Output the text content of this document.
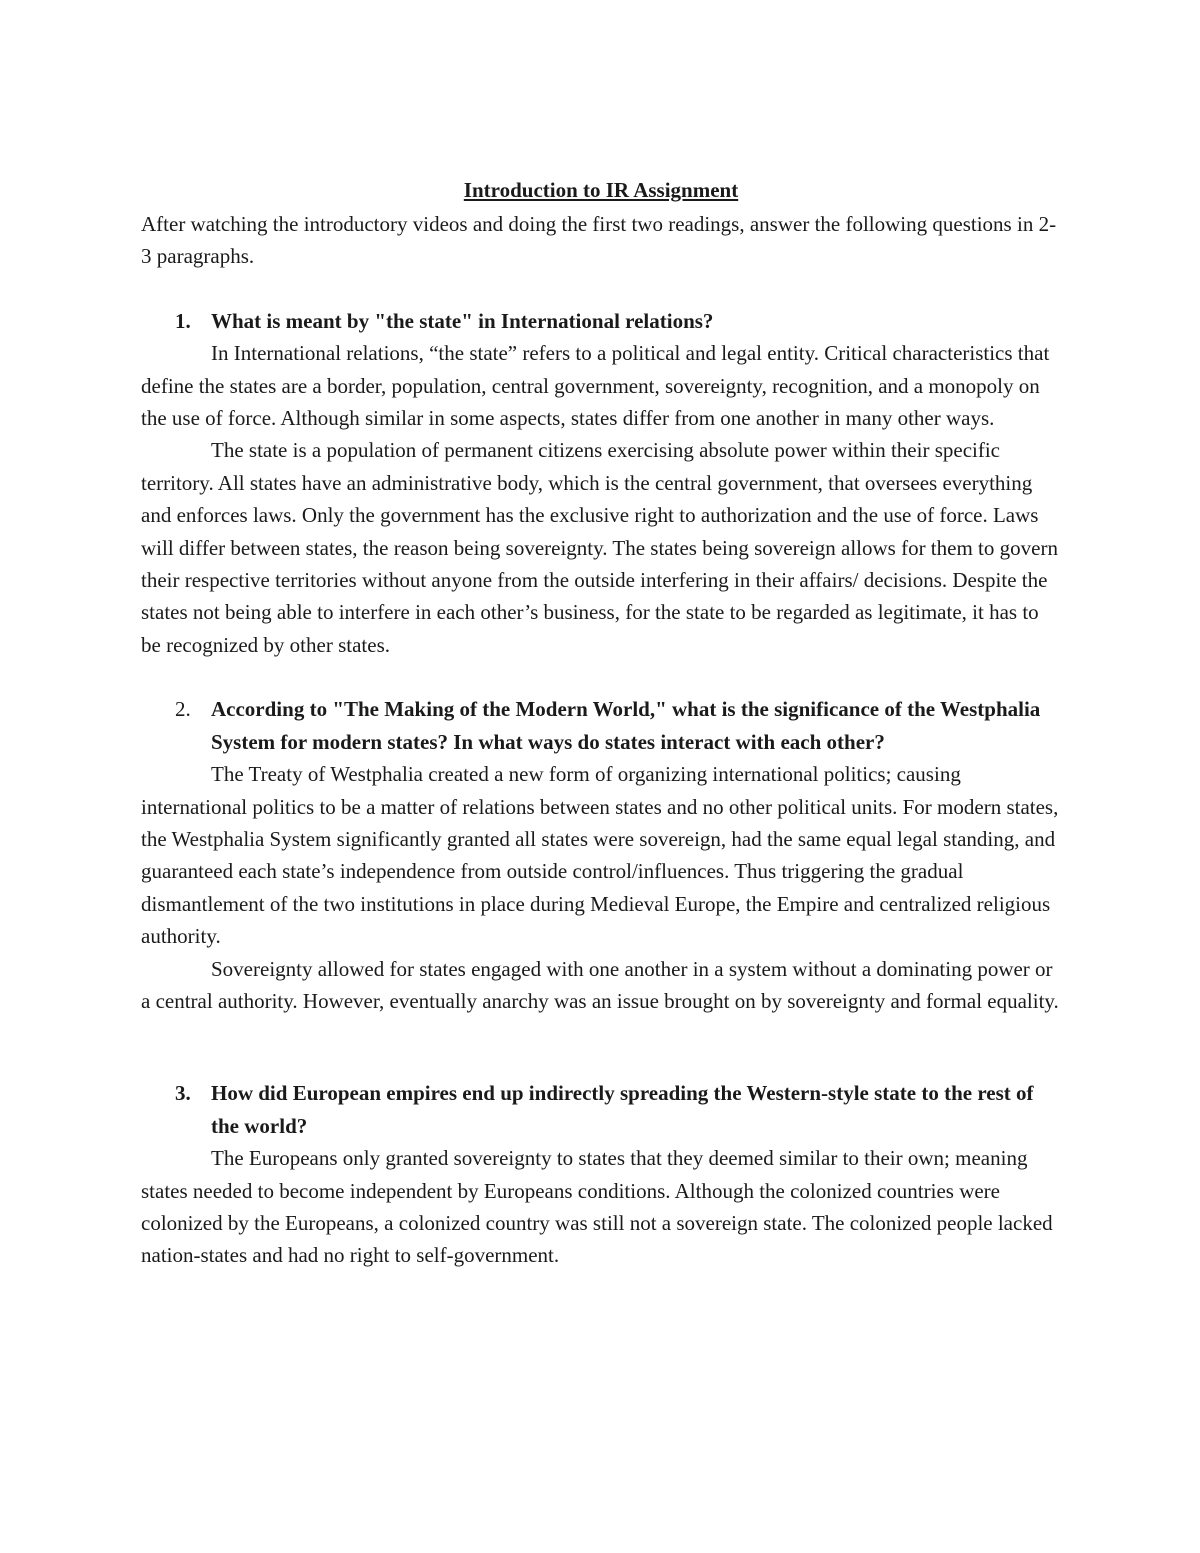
Introduction to IR Assignment

After watching the introductory videos and doing the first two readings, answer the following questions in 2-3 paragraphs.

1. What is meant by "the state" in International relations?

In International relations, “the state” refers to a political and legal entity. Critical characteristics that define the states are a border, population, central government, sovereignty, recognition, and a monopoly on the use of force. Although similar in some aspects, states differ from one another in many other ways.

The state is a population of permanent citizens exercising absolute power within their specific territory. All states have an administrative body, which is the central government, that oversees everything and enforces laws. Only the government has the exclusive right to authorization and the use of force. Laws will differ between states, the reason being sovereignty. The states being sovereign allows for them to govern their respective territories without anyone from the outside interfering in their affairs/ decisions. Despite the states not being able to interfere in each other’s business, for the state to be regarded as legitimate, it has to be recognized by other states.

2. According to "The Making of the Modern World," what is the significance of the Westphalia System for modern states? In what ways do states interact with each other?

The Treaty of Westphalia created a new form of organizing international politics; causing international politics to be a matter of relations between states and no other political units. For modern states, the Westphalia System significantly granted all states were sovereign, had the same equal legal standing, and guaranteed each state’s independence from outside control/influences. Thus triggering the gradual dismantlement of the two institutions in place during Medieval Europe, the Empire and centralized religious authority.

Sovereignty allowed for states engaged with one another in a system without a dominating power or a central authority. However, eventually anarchy was an issue brought on by sovereignty and formal equality.

3. How did European empires end up indirectly spreading the Western-style state to the rest of the world?

The Europeans only granted sovereignty to states that they deemed similar to their own; meaning states needed to become independent by Europeans conditions. Although the colonized countries were colonized by the Europeans, a colonized country was still not a sovereign state. The colonized people lacked nation-states and had no right to self-government.
